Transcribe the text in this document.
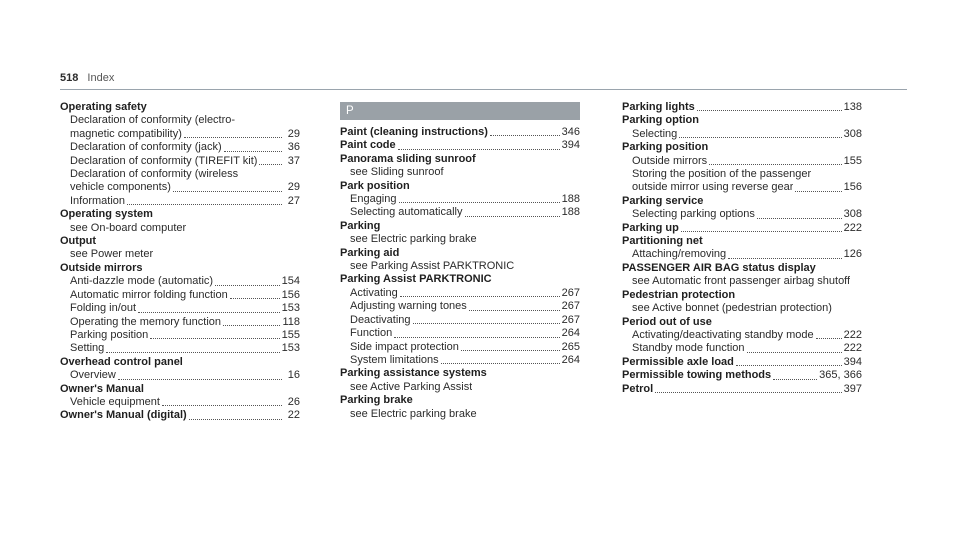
518 Index
Operating safety
Declaration of conformity (electro-
magnetic compatibility)	29
Declaration of conformity (jack)	36
Declaration of conformity (TIREFIT kit)	37
Declaration of conformity (wireless
vehicle components)	29
Information	27
Operating system
see On-board computer
Output
see Power meter
Outside mirrors
Anti-dazzle mode (automatic)	154
Automatic mirror folding function	156
Folding in/out	153
Operating the memory function	118
Parking position	155
Setting	153
Overhead control panel
Overview	16
Owner's Manual
Vehicle equipment	26
Owner's Manual (digital)	22
P
Paint (cleaning instructions)	346
Paint code	394
Panorama sliding sunroof
see Sliding sunroof
Park position
Engaging	188
Selecting automatically	188
Parking
see Electric parking brake
Parking aid
see Parking Assist PARKTRONIC
Parking Assist PARKTRONIC
Activating	267
Adjusting warning tones	267
Deactivating	267
Function	264
Side impact protection	265
System limitations	264
Parking assistance systems
see Active Parking Assist
Parking brake
see Electric parking brake
Parking lights	138
Parking option
Selecting	308
Parking position
Outside mirrors	155
Storing the position of the passenger
outside mirror using reverse gear	156
Parking service
Selecting parking options	308
Parking up	222
Partitioning net
Attaching/removing	126
PASSENGER AIR BAG status display
see Automatic front passenger airbag shutoff
Pedestrian protection
see Active bonnet (pedestrian protection)
Period out of use
Activating/deactivating standby mode	222
Standby mode function	222
Permissible axle load	394
Permissible towing methods	365, 366
Petrol	397
